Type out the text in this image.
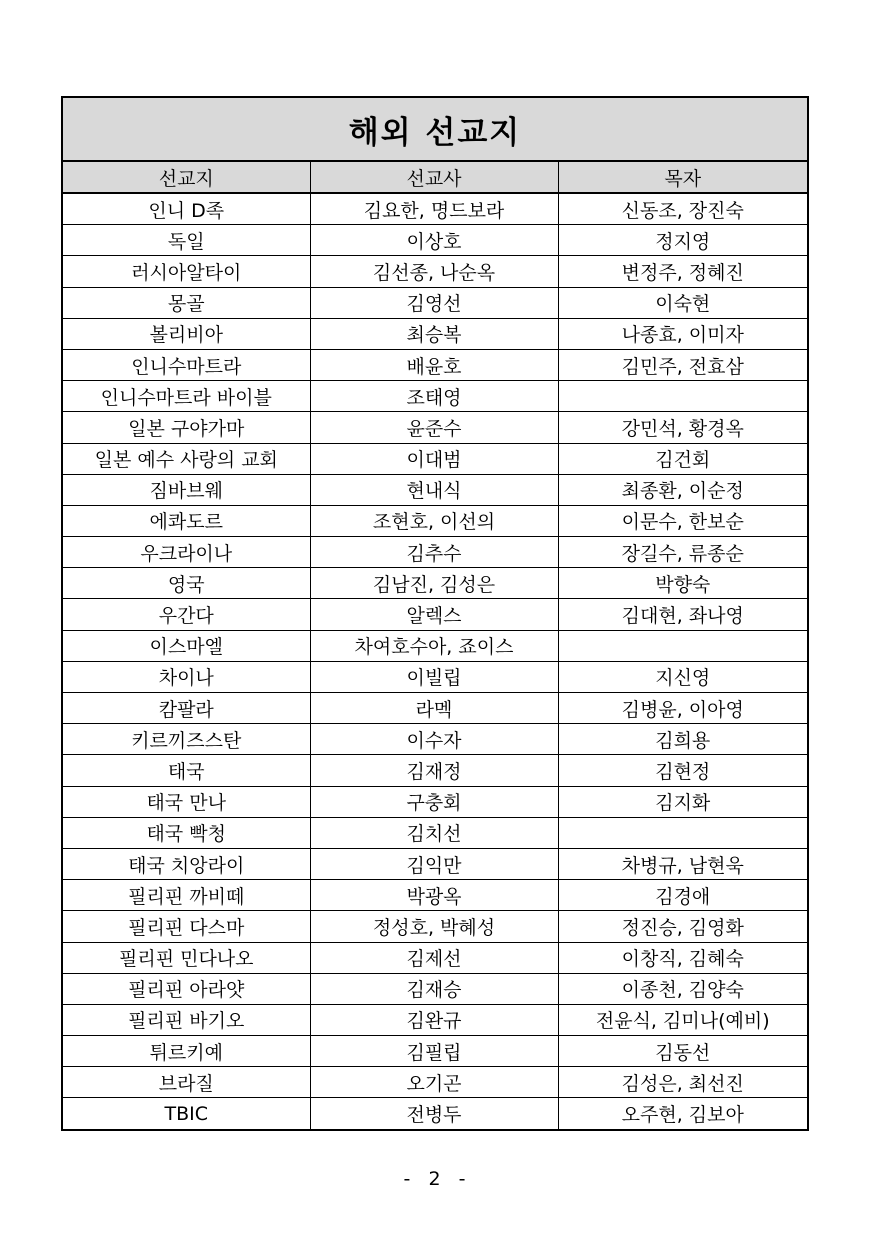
해외 선교지		
선교지	선교사	목자
인니 D족	김요한, 명드보라	신동조, 장진숙
독일	이상호	정지영
러시아알타이	김선종, 나순옥	변정주, 정혜진
몽골	김영선	이숙현
볼리비아	최승복	나종효, 이미자
인니수마트라	배윤호	김민주, 전효삼
인니수마트라 바이블	조태영	
일본 구야가마	윤준수	강민석, 황경옥
일본 예수 사랑의 교회	이대범	김건회
짐바브웨	현내식	최종환, 이순정
에콰도르	조현호, 이선의	이문수, 한보순
우크라이나	김추수	장길수, 류종순
영국	김남진, 김성은	박향숙
우간다	알렉스	김대현, 좌나영
이스마엘	차여호수아, 죠이스	
차이나	이빌립	지신영
캄팔라	라멕	김병윤, 이아영
키르끼즈스탄	이수자	김희용
태국	김재정	김현정
태국 만나	구충회	김지화
태국 빡청	김치선	
태국 치앙라이	김익만	차병규, 남현욱
필리핀 까비떼	박광옥	김경애
필리핀 다스마	정성호, 박혜성	정진승, 김영화
필리핀 민다나오	김제선	이창직, 김혜숙
필리핀 아라얏	김재승	이종천, 김양숙
필리핀 바기오	김완규	전윤식, 김미나(예비)
튀르키예	김필립	김동선
브라질	오기곤	김성은, 최선진
TBIC	전병두	오주현, 김보아
- 2 -
